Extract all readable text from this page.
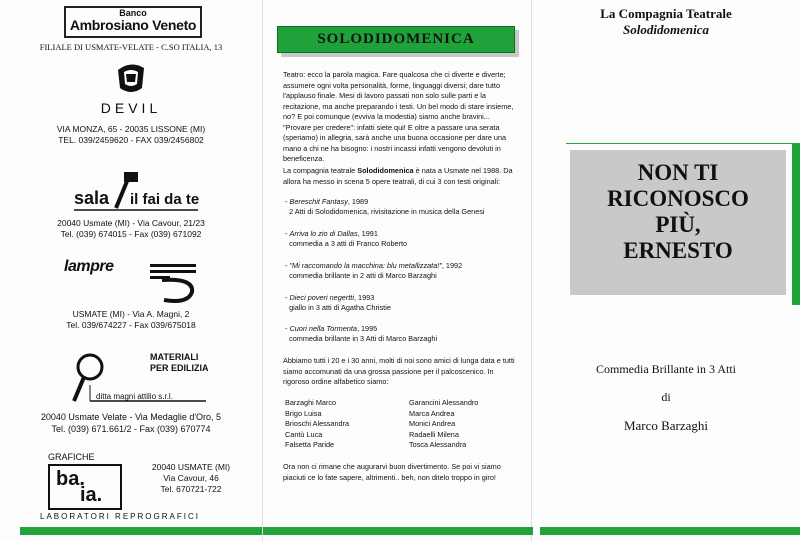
Banco
Ambrosiano Veneto
FILIALE DI USMATE-VELATE - C.SO ITALIA, 13
DEVIL
VIA MONZA, 65 - 20035 LISSONE (MI)
TEL. 039/2459620 - FAX 039/2456802
sala il fai da te
20040 Usmate (MI) - Via Cavour, 21/23
Tel. (039) 674015 - Fax (039) 671092
lampre
USMATE (MI) - Via A. Magni, 2
Tel. 039/674227 - Fax 039/675018
MATERIALI
PER EDILIZIA
ditta magni attilio s.r.l.
20040 Usmate Velate - Via Medaglie d'Oro, 5
Tel. (039) 671.661/2 - Fax (039) 670774
GRAFICHE
ba.
ia.
LABORATORI REPROGRAFICI
20040 USMATE (MI)
Via Cavour, 46
Tel. 670721-722
SOLODIDOMENICA
Teatro: ecco la parola magica. Fare qualcosa che ci diverte e diverte; assumere ogni volta personalità, forme, linguaggi diversi; dare tutto l'applauso finale. Mesi di lavoro passati non solo sulle parti e la recitazione, ma anche preparando i testi. Un bel modo di stare insieme, no? E poi comunque (evviva la modestia) siamo anche bravini... "Provare per credere": infatti siete qui! E oltre a passare una serata (speriamo) in allegria, sarà anche una buona occasione per dare una mano a chi ne ha bisogno: i nostri incassi infatti vengono devoluti in beneficenza.
La compagnia teatrale Solodidomenica è nata a Usmate nel 1988. Da allora ha messo in scena 5 opere teatrali, di cui 3 con testi originali:
- Bereschit Fantasy, 1989
2 Atti di Solodidomenica, rivisitazione in musica della Genesi
- Arriva lo zio di Dallas, 1991
commedia a 3 atti di Franco Roberto
- "Mi raccomando la macchina: blu metallizzata!", 1992
commedia brillante in 2 atti di Marco Barzaghi
- Dieci poveri negertti, 1993
giallo in 3 atti di Agatha Christie
- Cuori nella Tormenta, 1995
commedia brillante in 3 Atti di Marco Barzaghi
Abbiamo tutti i 20 e i 30 anni, molti di noi sono amici di lunga data e tutti siamo accomunati da una grossa passione per il palcoscenico. In rigoroso ordine alfabetico siamo:
Barzaghi Marco
Brigo Luisa
Brioschi Alessandra
Cantù Luca
Falsetta Paride
Garancini Alessandro
Marca Andrea
Monici Andrea
Radaelli Milena
Tosca Alessandra
Ora non ci rimane che augurarvi buon divertimento. Se poi vi siamo piaciuti ce lo fate sapere, altrimenti.. beh, non ditelo troppo in giro!
La Compagnia Teatrale
Solodidomenica
NON TI
RICONOSCO
PIÙ,
ERNESTO
Commedia Brillante in 3 Atti
di
Marco Barzaghi
